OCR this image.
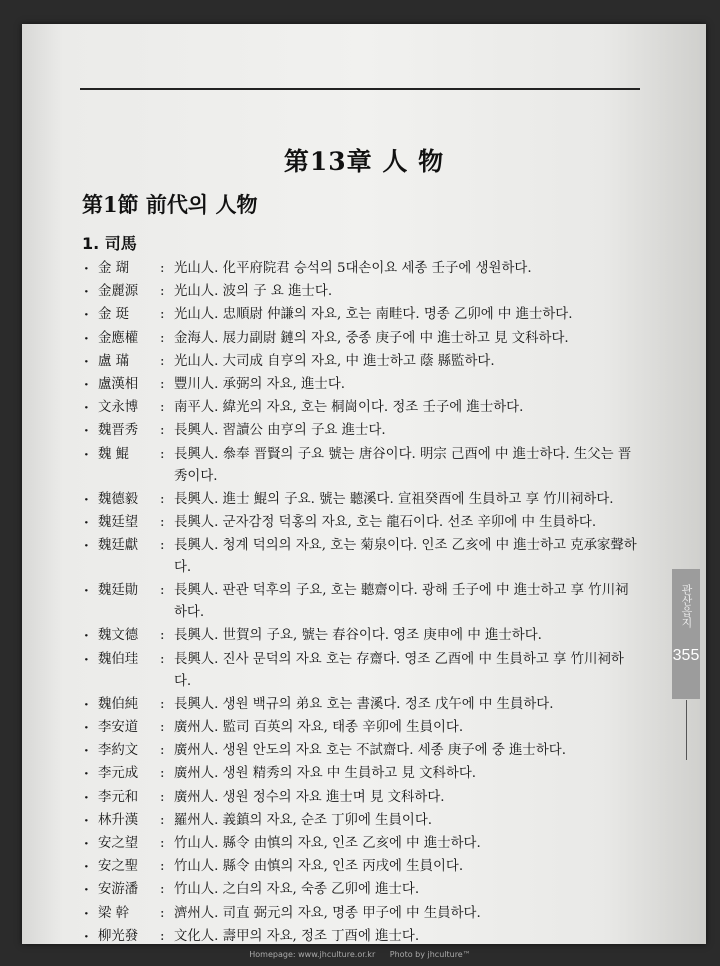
第13章 人 物
第1節 前代의 人物
1. 司馬
· 金 瑚	: 光山人. 化平府院君 승석의 5대손이요 세종 壬子에 생원하다.
· 金麗源	: 光山人. 波의 子 요 進士다.
· 金 珽	: 光山人. 忠順尉 仲謙의 자요, 호는 南畦다. 명종 乙卯에 中 進士하다.
· 金應權	: 金海人. 展力副尉 鏈의 자요, 중종 庚子에 中 進士하고 見 文科하다.
· 盧 璊	: 光山人. 大司成 自亨의 자요, 中 進士하고 蔭 縣監하다.
· 盧漢相	: 豐川人. 承弼의 자요, 進士다.
· 文永博	: 南平人. 緯光의 자요, 호는 桐崗이다. 정조 壬子에 進士하다.
· 魏晋秀	: 長興人. 習讀公 由亨의 子요 進士다.
· 魏 鯤	: 長興人. 叅奉 晋賢의 子요 號는 唐谷이다. 明宗 己酉에 中 進士하다. 生父는 晋秀이다.
· 魏德毅	: 長興人. 進士 鯤의 子요. 號는 聽溪다. 宣祖癸酉에 生員하고 享 竹川祠하다.
· 魏廷望	: 長興人. 군자감정 덕홍의 자요, 호는 龍石이다. 선조 辛卯에 中 生員하다.
· 魏廷獻	: 長興人. 청계 덕의의 자요, 호는 菊泉이다. 인조 乙亥에 中 進士하고 克承家聲하다.
· 魏廷勛	: 長興人. 판관 덕후의 子요, 호는 聽齋이다. 광해 壬子에 中 進士하고 享 竹川祠하다.
· 魏文德	: 長興人. 世賀의 子요, 號는 春谷이다. 영조 庚申에 中 進士하다.
· 魏伯珪	: 長興人. 진사 문덕의 자요 호는 存齋다. 영조 乙酉에 中 生員하고 享 竹川祠하다.
· 魏伯純	: 長興人. 생원 백규의 弟요 호는 書溪다. 정조 戊午에 中 生員하다.
· 李安道	: 廣州人. 監司 百英의 자요, 태종 辛卯에 生員이다.
· 李約文	: 廣州人. 생원 안도의 자요 호는 不試齋다. 세종 庚子에 중 進士하다.
· 李元成	: 廣州人. 생원 精秀의 자요 中 生員하고 見 文科하다.
· 李元和	: 廣州人. 생원 정수의 자요 進士며 見 文科하다.
· 林升漢	: 羅州人. 義鎮의 자요, 순조 丁卯에 生員이다.
· 安之望	: 竹山人. 縣令 由慎의 자요, 인조 乙亥에 中 進士하다.
· 安之聖	: 竹山人. 縣令 由慎의 자요, 인조 丙戌에 生員이다.
· 安游潘	: 竹山人. 之白의 자요, 숙종 乙卯에 進士다.
· 梁 幹	: 濟州人. 司直 弼元의 자요, 명종 甲子에 中 生員하다.
· 柳光發	: 文化人. 壽甲의 자요, 정조 丁酉에 進士다.
관산읍지
355
Homepage: www.jhculture.or.kr Photo by jhculture™
